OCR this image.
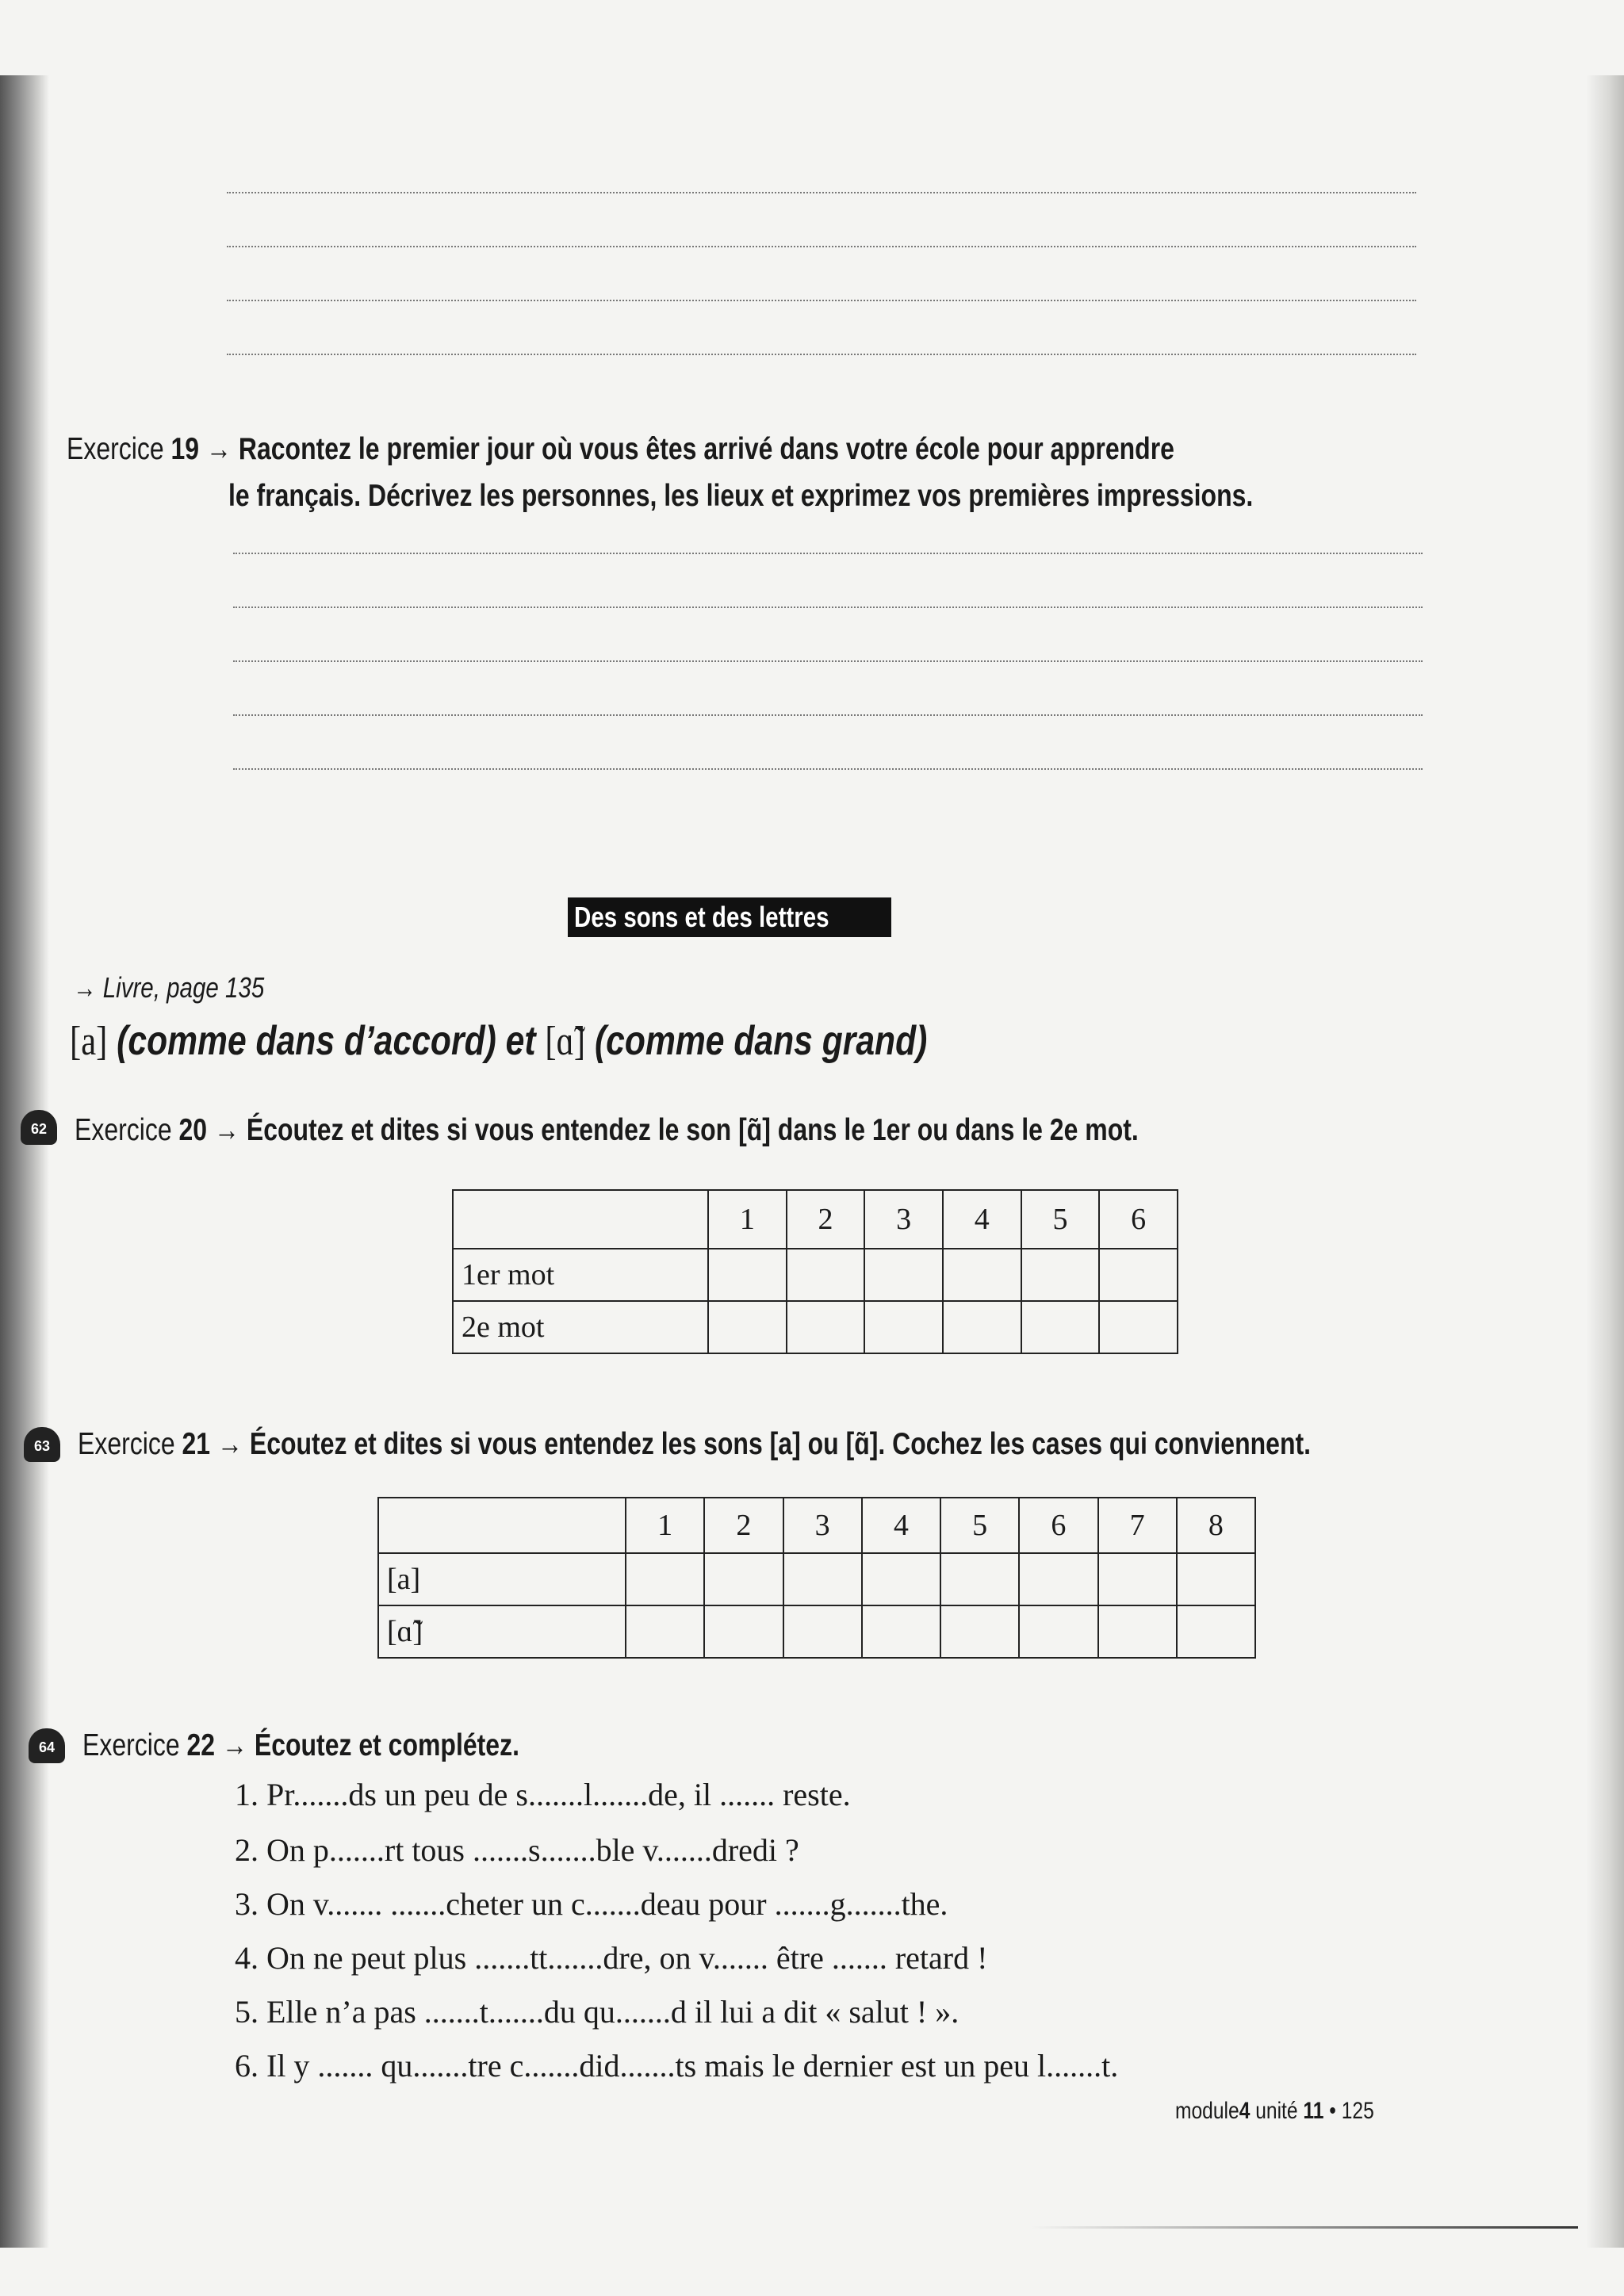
Exercice 19 → Racontez le premier jour où vous êtes arrivé dans votre école pour apprendre
le français. Décrivez les personnes, les lieux et exprimez vos premières impressions.
Des sons et des lettres
→ Livre, page 135
[a] (comme dans d’accord) et [ɑ̃] (comme dans grand)
62 Exercice 20 → Écoutez et dites si vous entendez le son [ɑ̃] dans le 1er ou dans le 2e mot.
	1	2	3	4	5	6
1er mot						
2e mot						
63 Exercice 21 → Écoutez et dites si vous entendez les sons [a] ou [ɑ̃]. Cochez les cases qui conviennent.
	1	2	3	4	5	6	7	8
[a]								
[ɑ̃]								
64 Exercice 22 → Écoutez et complétez.
1. Pr.......ds un peu de s.......l.......de, il ....... reste.
2. On p.......rt tous .......s.......ble v.......dredi ?
3. On v....... .......cheter un c.......deau pour .......g.......the.
4. On ne peut plus .......tt.......dre, on v....... être ....... retard !
5. Elle n’a pas .......t.......du qu.......d il lui a dit « salut ! ».
6. Il y ....... qu.......tre c.......did.......ts mais le dernier est un peu l.......t.
module4 unité 11 • 125
